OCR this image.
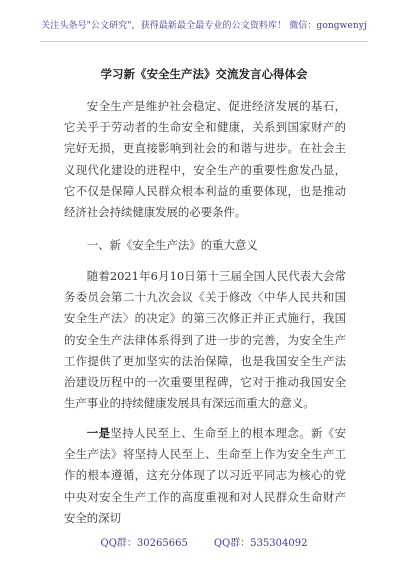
关注头条号"公文研究"，获得最新最全最专业的公文资料库！ 微信：gongwenyj
学习新《安全生产法》交流发言心得体会

安全生产是维护社会稳定、促进经济发展的基石，它关乎于劳动者的生命安全和健康，关系到国家财产的完好无损，更直接影响到社会的和谐与进步。在社会主义现代化建设的进程中，安全生产的重要性愈发凸显，它不仅是保障人民群众根本利益的重要体现，也是推动经济社会持续健康发展的必要条件。

一、新《安全生产法》的重大意义

随着2021年6月10日第十三届全国人民代表大会常务委员会第二十九次会议《关于修改〈中华人民共和国安全生产法〉的决定》的第三次修正并正式施行，我国的安全生产法律体系得到了进一步的完善，为安全生产工作提供了更加坚实的法治保障，也是我国安全生产法治建设历程中的一次重要里程碑，它对于推动我国安全生产事业的持续健康发展具有深远而重大的意义。

一是坚持人民至上、生命至上的根本理念。新《安全生产法》将坚持人民至上、生命至上作为安全生产工作的根本遵循，这充分体现了以习近平同志为核心的党中央对安全生产工作的高度重视和对人民群众生命财产安全的深切

QQ群：30265665	QQ群：535304092
